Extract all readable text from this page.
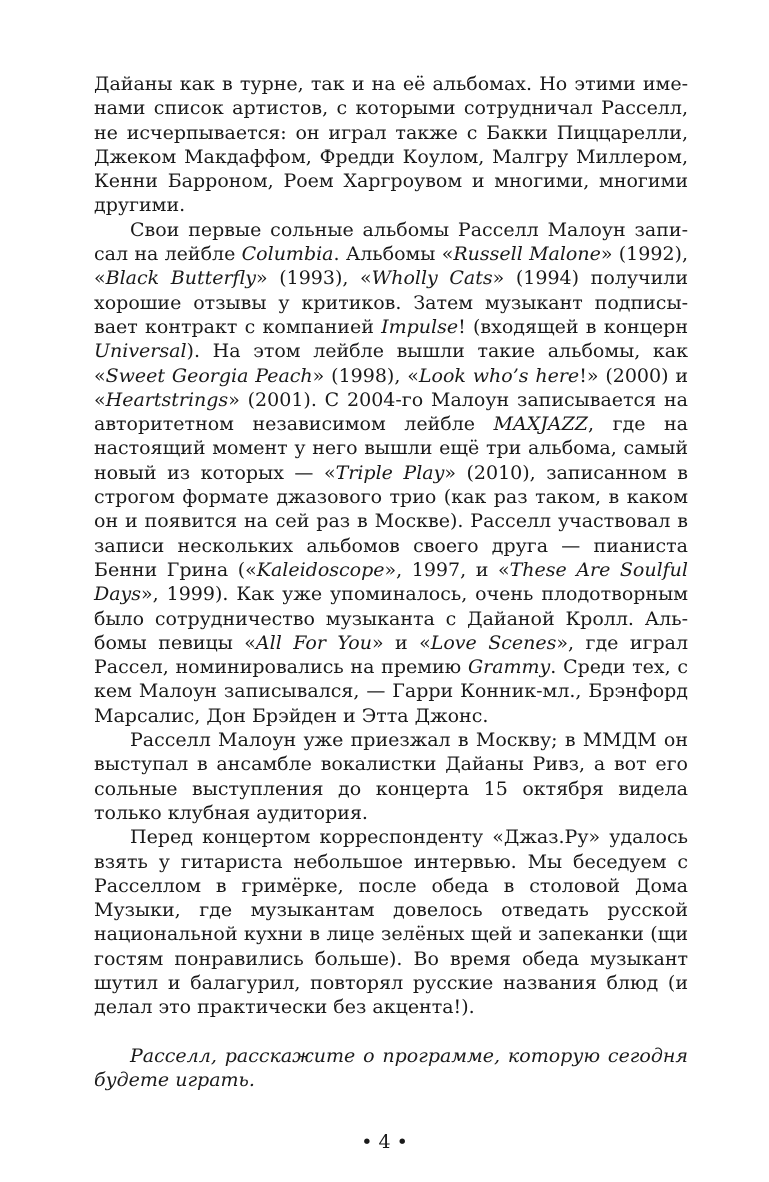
Дайаны как в турне, так и на её альбомах. Но этими именами список артистов, с которыми сотрудничал Расселл, не исчерпывается: он играл также с Бакки Пиццарелли, Джеком Макдаффом, Фредди Коулом, Малгру Миллером, Кенни Барроном, Роем Харгроувом и многими, многими другими.

Свои первые сольные альбомы Расселл Малоун записал на лейбле Columbia. Альбомы «Russell Malone» (1992), «Black Butterfly» (1993), «Wholly Cats» (1994) получили хорошие отзывы у критиков. Затем музыкант подписывает контракт с компанией Impulse! (входящей в концерн Universal). На этом лейбле вышли такие альбомы, как «Sweet Georgia Peach» (1998), «Look who’s here!» (2000) и «Heartstrings» (2001). С 2004-го Малоун записывается на авторитетном независимом лейбле MAXJAZZ, где на настоящий момент у него вышли ещё три альбома, самый новый из которых — «Triple Play» (2010), записанном в строгом формате джазового трио (как раз таком, в каком он и появится на сей раз в Москве). Расселл участвовал в записи нескольких альбомов своего друга — пианиста Бенни Грина («Kaleidoscope», 1997, и «These Are Soulful Days», 1999). Как уже упоминалось, очень плодотворным было сотрудничество музыканта с Дайаной Кролл. Альбомы певицы «All For You» и «Love Scenes», где играл Рассел, номинировались на премию Grammy. Среди тех, с кем Малоун записывался, — Гарри Конник-мл., Брэнфорд Марсалис, Дон Брэйден и Этта Джонс.

Расселл Малоун уже приезжал в Москву; в ММДМ он выступал в ансамбле вокалистки Дайаны Ривз, а вот его сольные выступления до концерта 15 октября видела только клубная аудитория.

Перед концертом корреспонденту «Джаз.Ру» удалось взять у гитариста небольшое интервью. Мы беседуем с Расселлом в гримёрке, после обеда в столовой Дома Музыки, где музыкантам довелось отведать русской национальной кухни в лице зелёных щей и запеканки (щи гостям понравились больше). Во время обеда музыкант шутил и балагурил, повторял русские названия блюд (и делал это практически без акцента!).

Расселл, расскажите о программе, которую сегодня будете играть.

• 4 •
